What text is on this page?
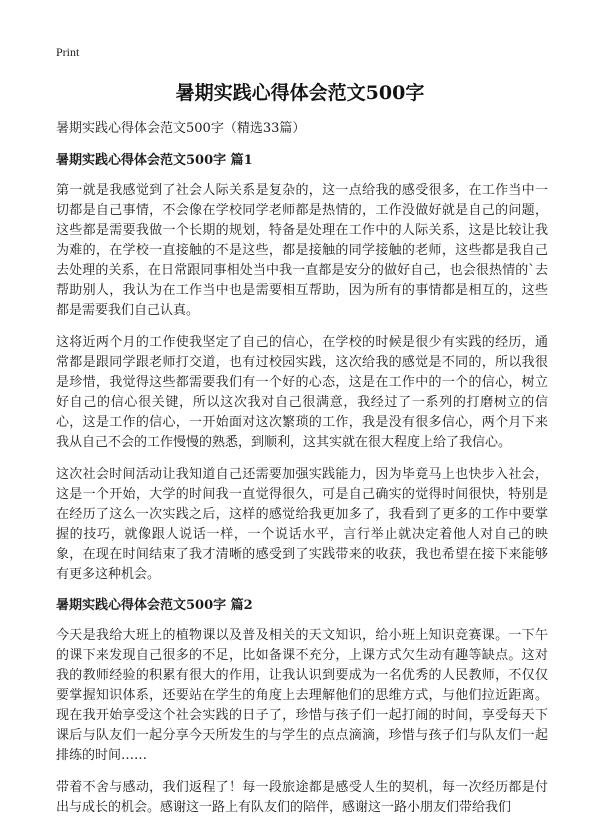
Print
暑期实践心得体会范文500字
暑期实践心得体会范文500字（精选33篇）
暑期实践心得体会范文500字 篇1

第一就是我感觉到了社会人际关系是复杂的，这一点给我的感受很多，在工作当中一切都是自己事情，不会像在学校同学老师都是热情的，工作没做好就是自己的问题，这些都是需要我做一个长期的规划，特备是处理在工作中的人际关系，这是比较让我为难的，在学校一直接触的不是这些，都是接触的同学接触的老师，这些都是我自己去处理的关系，在日常跟同事相处当中我一直都是安分的做好自己，也会很热情的`去帮助别人，我认为在工作当中也是需要相互帮助，因为所有的事情都是相互的，这些都是需要我们自己认真。

这将近两个月的工作使我坚定了自己的信心，在学校的时候是很少有实践的经历，通常都是跟同学跟老师打交道，也有过校园实践，这次给我的感觉是不同的，所以我很是珍惜，我觉得这些都需要我们有一个好的心态，这是在工作中的一个的信心，树立好自己的信心很关键，所以这次我对自己很满意，我经过了一系列的打磨树立的信心，这是工作的信心，一开始面对这次繁琐的工作，我是没有很多信心，两个月下来我从自己不会的工作慢慢的熟悉，到顺利，这其实就在很大程度上给了我信心。

这次社会时间活动让我知道自己还需要加强实践能力，因为毕竟马上也快步入社会，这是一个开始，大学的时间我一直觉得很久，可是自己确实的觉得时间很快，特别是在经历了这么一次实践之后，这样的感觉给我更加多了，我看到了更多的工作中要掌握的技巧，就像跟人说话一样，一个说话水平，言行举止就决定着他人对自己的映象，在现在时间结束了我才清晰的感受到了实践带来的收获，我也希望在接下来能够有更多这种机会。

暑期实践心得体会范文500字 篇2

今天是我给大班上的植物课以及普及相关的天文知识，给小班上知识竞赛课。一下午的课下来发现自己很多的不足，比如备课不充分，上课方式欠生动有趣等缺点。这对我的教师经验的积累有很大的作用，让我认识到要成为一名优秀的人民教师，不仅仅要掌握知识体系，还要站在学生的角度上去理解他们的思维方式，与他们拉近距离。现在我开始享受这个社会实践的日子了，珍惜与孩子们一起打闹的时间，享受每天下课后与队友们一起分享今天所发生的与学生的点点滴滴，珍惜与孩子们与队友们一起排练的时间……

带着不舍与感动，我们返程了！每一段旅途都是感受人生的契机，每一次经历都是付出与成长的机会。感谢这一路上有队友们的陪伴，感谢这一路小朋友们带给我们
